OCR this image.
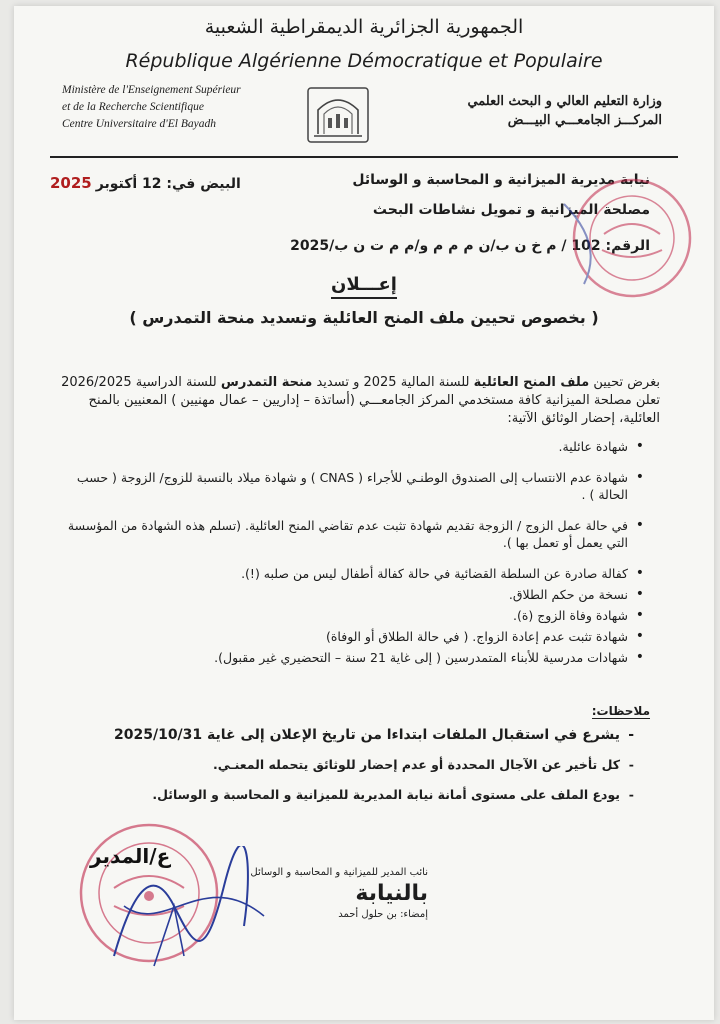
الجمهورية الجزائرية الديمقراطية الشعبية
République Algérienne Démocratique et Populaire
Ministère de l'Enseignement Supérieur
et de la Recherche Scientifique
Centre Universitaire d'El Bayadh
وزارة التعليم العالي و البحث العلمي
المركـــز الجامعـــي البيـــض
2025 البيض في: 12 أكتوبر	نيابة مديرية الميزانية و المحاسبة و الوسائل
مصلحة الميزانية و تمويل نشاطات البحث
الرقم: 102 / م خ ن ب/ن م م م و/م م ت ن ب/2025
إعـــلان
( بخصوص تحيين ملف المنح العائلية وتسديد منحة التمدرس )
بغرض تحيين ملف المنح العائلية للسنة المالية 2025 و تسديد منحة التمدرس للسنة الدراسية 2026/2025 تعلن مصلحة الميزانية كافة مستخدمي المركز الجامعـــي (أساتذة – إداريين – عمال مهنيين ) المعنيين بالمنح العائلية، إحضار الوثائق الآتية:
• شهادة عائلية.
• شهادة عدم الانتساب إلى الصندوق الوطنـي للأجراء ( CNAS ) و شهادة ميلاد بالنسبة للزوج/ الزوجة ( حسب الحالة ) .
• في حالة عمل الزوج / الزوجة تقديم شهادة تثبت عدم تقاضي المنح العائلية. (تسلم هذه الشهادة من المؤسسة التي يعمل أو تعمل بها ).
• كفالة صادرة عن السلطة القضائية في حالة كفالة أطفال ليس من صلبه (!).
• نسخة من حكم الطلاق.
• شهادة وفاة الزوج (ة).
• شهادة تثبت عدم إعادة الزواج. ( في حالة الطلاق أو الوفاة)
• شهادات مدرسية للأبناء المتمدرسين ( إلى غاية 21 سنة – التحضيري غير مقبول).
ملاحظات:
- يشرع في استقبال الملفات ابتداءا من تاريخ الإعلان إلى غاية 2025/10/31
- كل تأخير عن الآجال المحددة أو عدم إحضار للوثائق يتحمله المعنـي.
- يودع الملف على مستوى أمانة نيابة المديرية للميزانية و المحاسبة و الوسائل.
ع/المدير
نائب المدير للميزانية و المحاسبة و الوسائل
بالنيابة
إمضاء: بن حلول أحمد
